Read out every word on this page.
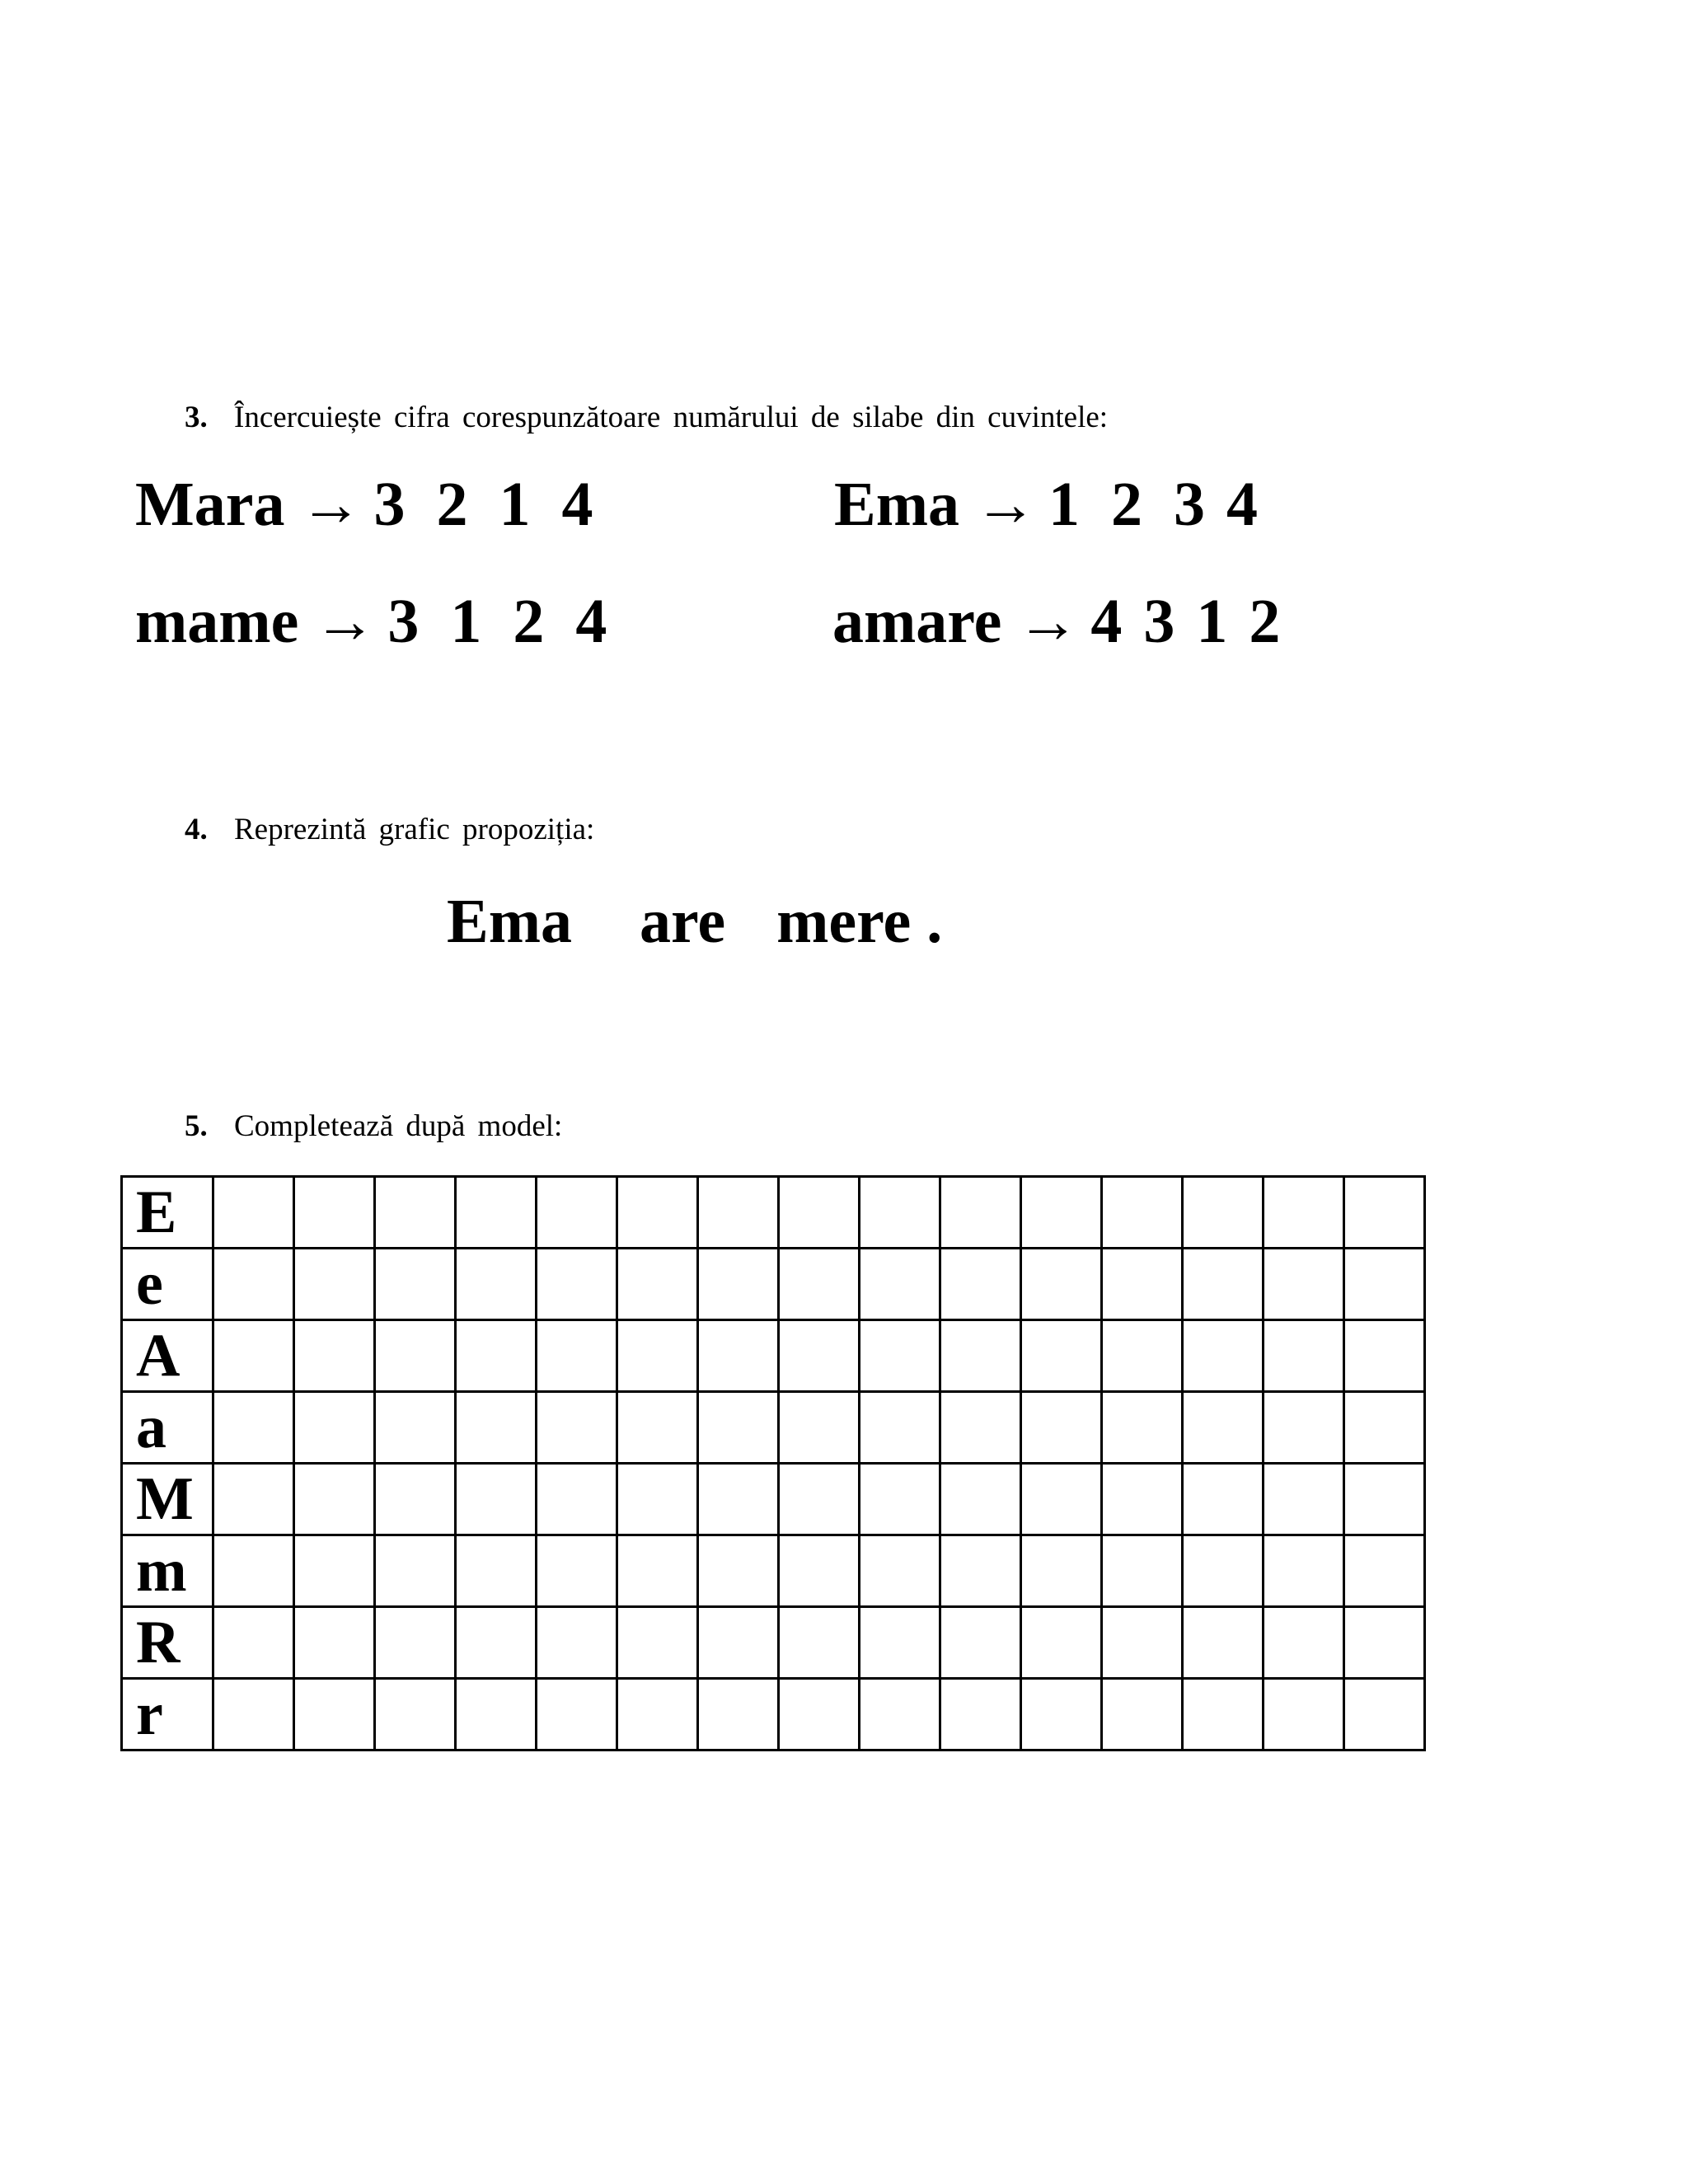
3. Încercuiește cifra corespunzătoare numărului de silabe din cuvintele:
Mara → 3 2 1 4	Ema → 1 2 3 4
mame → 3 1 2 4	amare → 4 3 1 2
4. Reprezintă grafic propoziția:
Ema are mere .
5. Completează după model:
E															
e															
A															
a															
M															
m															
R															
r															
